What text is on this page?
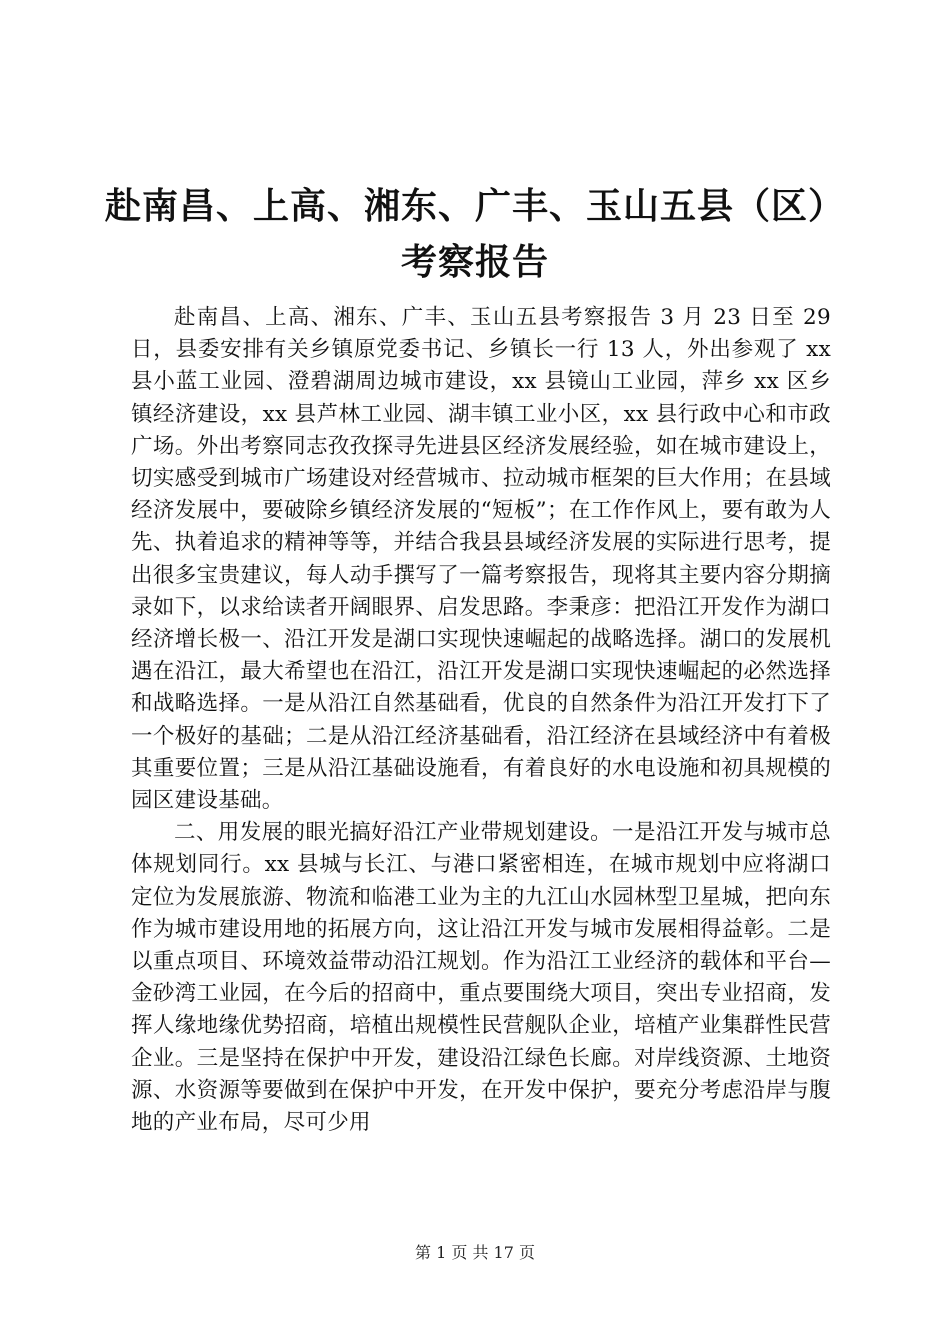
赴南昌、上高、湘东、广丰、玉山五县（区）
考察报告

赴南昌、上高、湘东、广丰、玉山五县考察报告 3 月 23 日至 29 日，县委安排有关乡镇原党委书记、乡镇长一行 13 人，外出参观了 xx 县小蓝工业园、澄碧湖周边城市建设，xx 县镜山工业园，萍乡 xx 区乡镇经济建设，xx 县芦林工业园、湖丰镇工业小区，xx 县行政中心和市政广场。外出考察同志孜孜探寻先进县区经济发展经验，如在城市建设上，切实感受到城市广场建设对经营城市、拉动城市框架的巨大作用；在县域经济发展中，要破除乡镇经济发展的“短板”；在工作作风上，要有敢为人先、执着追求的精神等等，并结合我县县域经济发展的实际进行思考，提出很多宝贵建议，每人动手撰写了一篇考察报告，现将其主要内容分期摘录如下，以求给读者开阔眼界、启发思路。李秉彦：把沿江开发作为湖口经济增长极一、沿江开发是湖口实现快速崛起的战略选择。湖口的发展机遇在沿江，最大希望也在沿江，沿江开发是湖口实现快速崛起的必然选择和战略选择。一是从沿江自然基础看，优良的自然条件为沿江开发打下了一个极好的基础；二是从沿江经济基础看，沿江经济在县域经济中有着极其重要位置；三是从沿江基础设施看，有着良好的水电设施和初具规模的园区建设基础。

二、用发展的眼光搞好沿江产业带规划建设。一是沿江开发与城市总体规划同行。xx 县城与长江、与港口紧密相连，在城市规划中应将湖口定位为发展旅游、物流和临港工业为主的九江山水园林型卫星城，把向东作为城市建设用地的拓展方向，这让沿江开发与城市发展相得益彰。二是以重点项目、环境效益带动沿江规划。作为沿江工业经济的载体和平台—金砂湾工业园，在今后的招商中，重点要围绕大项目，突出专业招商，发挥人缘地缘优势招商，培植出规模性民营舰队企业，培植产业集群性民营企业。三是坚持在保护中开发，建设沿江绿色长廊。对岸线资源、土地资源、水资源等要做到在保护中开发，在开发中保护，要充分考虑沿岸与腹地的产业布局，尽可少用

第 1 页 共 17 页
